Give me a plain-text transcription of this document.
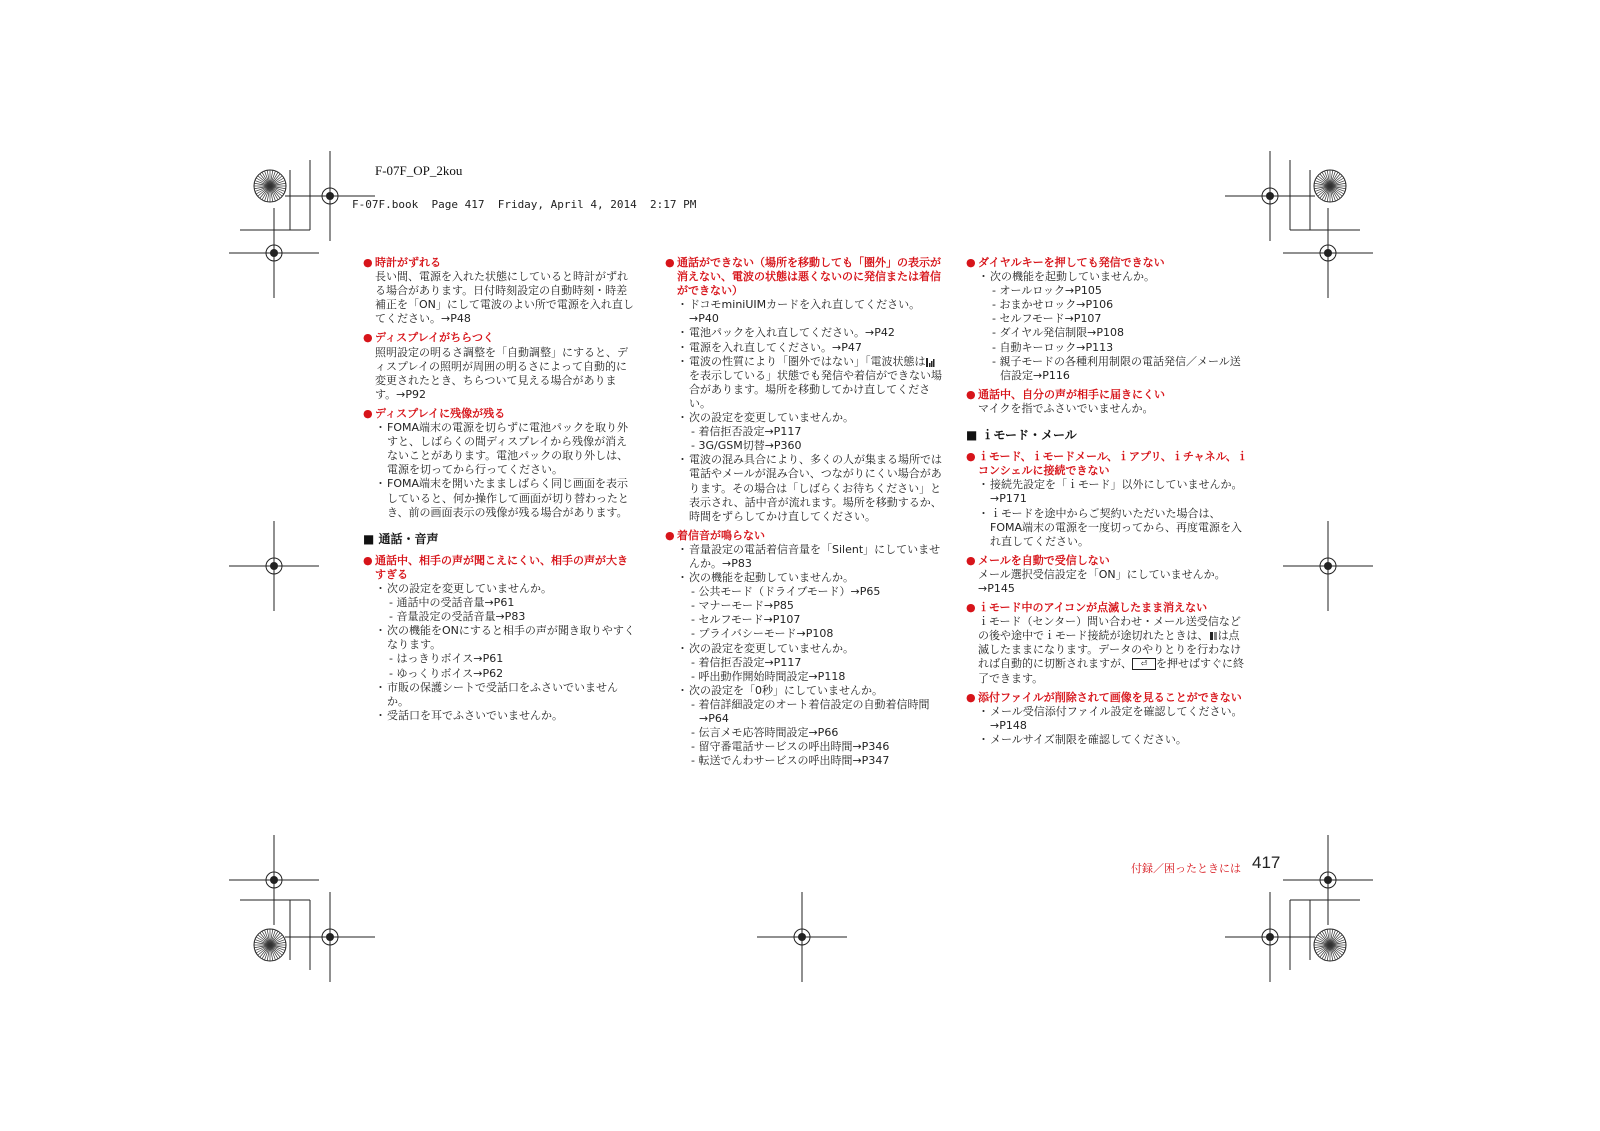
F-07F_OP_2kou
F-07F.book  Page 417  Friday, April 4, 2014  2:17 PM
● 時計がずれる
長い間、電源を入れた状態にしていると時計がずれる場合があります。日付時刻設定の自動時刻・時差補正を「ON」にして電波のよい所で電源を入れ直してください。→P48
● ディスプレイがちらつく
照明設定の明るさ調整を「自動調整」にすると、ディスプレイの照明が周囲の明るさによって自動的に変更されたとき、ちらついて見える場合があります。→P92
● ディスプレイに残像が残る
・FOMA端末の電源を切らずに電池パックを取り外すと、しばらくの間ディスプレイから残像が消えないことがあります。電池パックの取り外しは、電源を切ってから行ってください。
・FOMA端末を開いたまましばらく同じ画面を表示していると、何か操作して画面が切り替わったとき、前の画面表示の残像が残る場合があります。
■ 通話・音声
● 通話中、相手の声が聞こえにくい、相手の声が大きすぎる
・次の設定を変更していませんか。
- 通話中の受話音量→P61
- 音量設定の受話音量→P83
・次の機能をONにすると相手の声が聞き取りやすくなります。
- はっきりボイス→P61
- ゆっくりボイス→P62
・市販の保護シートで受話口をふさいでいませんか。
・受話口を耳でふさいでいませんか。
● 通話ができない（場所を移動しても「圏外」の表示が消えない、電波の状態は悪くないのに発信または着信ができない）
・ドコモminiUIMカードを入れ直してください。→P40
・電池パックを入れ直してください。→P42
・電源を入れ直してください。→P47
・電波の性質により「圏外ではない」「電波状態はを表示している」状態でも発信や着信ができない場合があります。場所を移動してかけ直してください。
・次の設定を変更していませんか。
- 着信拒否設定→P117
- 3G/GSM切替→P360
・電波の混み具合により、多くの人が集まる場所では電話やメールが混み合い、つながりにくい場合があります。その場合は「しばらくお待ちください」と表示され、話中音が流れます。場所を移動するか、時間をずらしてかけ直してください。
● 着信音が鳴らない
・音量設定の電話着信音量を「Silent」にしていませんか。→P83
・次の機能を起動していませんか。
- 公共モード（ドライブモード）→P65
- マナーモード→P85
- セルフモード→P107
- プライバシーモード→P108
・次の設定を変更していませんか。
- 着信拒否設定→P117
- 呼出動作開始時間設定→P118
・次の設定を「0秒」にしていませんか。
- 着信詳細設定のオート着信設定の自動着信時間→P64
- 伝言メモ応答時間設定→P66
- 留守番電話サービスの呼出時間→P346
- 転送でんわサービスの呼出時間→P347
● ダイヤルキーを押しても発信できない
・次の機能を起動していませんか。
- オールロック→P105
- おまかせロック→P106
- セルフモード→P107
- ダイヤル発信制限→P108
- 自動キーロック→P113
- 親子モードの各種利用制限の電話発信／メール送信設定→P116
● 通話中、自分の声が相手に届きにくい
マイクを指でふさいでいませんか。
■ ｉモード・メール
● ｉモード、ｉモードメール、ｉアプリ、ｉチャネル、ｉコンシェルに接続できない
・接続先設定を「ｉモード」以外にしていませんか。→P171
・ｉモードを途中からご契約いただいた場合は、FOMA端末の電源を一度切ってから、再度電源を入れ直してください。
● メールを自動で受信しない
メール選択受信設定を「ON」にしていませんか。→P145
● ｉモード中のアイコンが点滅したまま消えない
ｉモード（センター）問い合わせ・メール送受信などの後や途中でｉモード接続が途切れたときは、 は点滅したままになります。データのやりとりを行わなければ自動的に切断されますが、 ⏎ を押せばすぐに終了できます。
● 添付ファイルが削除されて画像を見ることができない
・メール受信添付ファイル設定を確認してください。→P148
・メールサイズ制限を確認してください。
付録／困ったときには 417
